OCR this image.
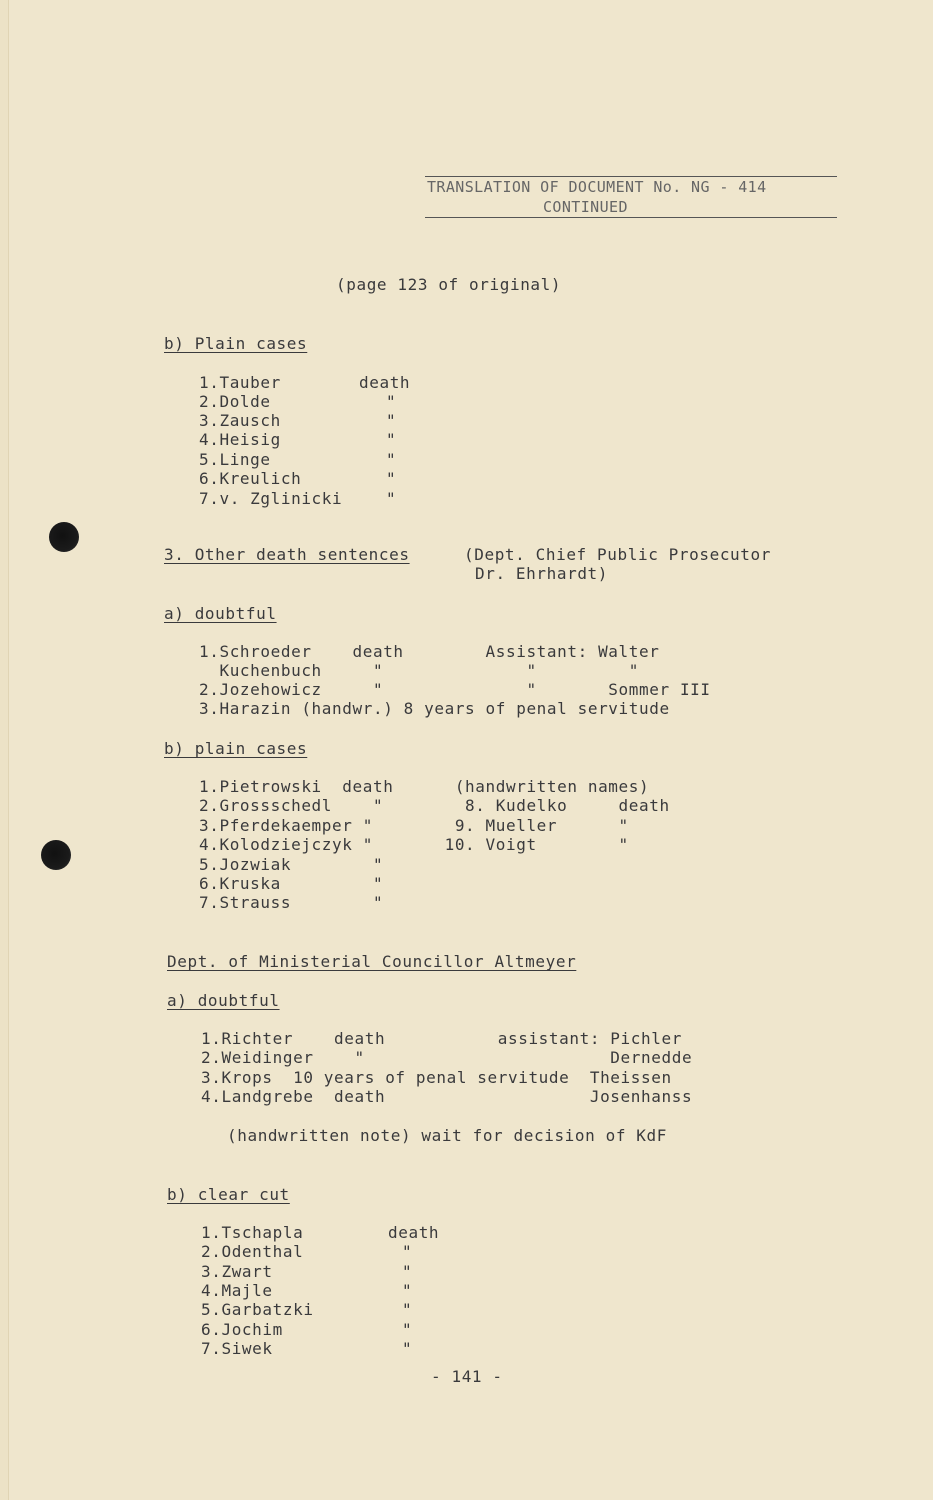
TRANSLATION OF DOCUMENT No. NG - 414
CONTINUED
(page 123 of original)
b) Plain cases
1.Tauber	death
2.Dolde	"
3.Zausch	"
4.Heisig	"
5.Linge	"
6.Kreulich	"
7.v. Zglinicki	"
3. Other death sentences	(Dept. Chief Public Prosecutor
Dr. Ehrhardt)
a) doubtful
1.Schroeder    death        Assistant: Walter
Kuchenbuch     "              "         "
2.Jozehowicz     "              "       Sommer III
3.Harazin (handwr.) 8 years of penal servitude
b) plain cases
1.Pietrowski  death      (handwritten names)
2.Grossschedl    "        8. Kudelko     death
3.Pferdekaemper "        9. Mueller      "
4.Kolodziejczyk "       10. Voigt        "
5.Jozwiak        "
6.Kruska         "
7.Strauss        "
Dept. of Ministerial Councillor Altmeyer
a) doubtful
1.Richter    death           assistant: Pichler
2.Weidinger    "                        Dernedde
3.Krops  10 years of penal servitude  Theissen
4.Landgrebe  death                    Josenhanss
(handwritten note) wait for decision of KdF
b) clear cut
1.Tschapla	death
2.Odenthal	"
3.Zwart	"
4.Majle	"
5.Garbatzki	"
6.Jochim	"
7.Siwek	"
- 141 -
